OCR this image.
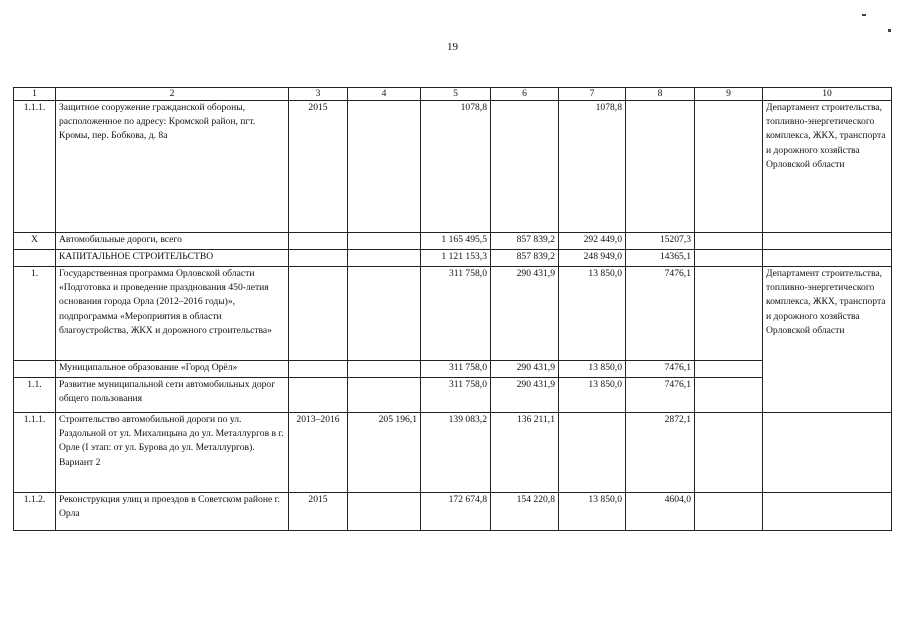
19
1	2	3	4	5	6	7	8	9	10
1.1.1.	Защитное сооружение гражданской обороны, расположенное по адресу: Кромской район, пгт. Кромы, пер. Бобкова, д. 8а	2015		1078,8		1078,8			Департамент строительства, топливно-энергетического комплекса, ЖКХ, транспорта и дорожного хозяйства Орловской области
X	Автомобильные дороги, всего			1 165 495,5	857 839,2	292 449,0	15207,3		
	КАПИТАЛЬНОЕ СТРОИТЕЛЬСТВО			1 121 153,3	857 839,2	248 949,0	14365,1		
1.	Государственная программа Орловской области «Подготовка и проведение празднования 450-летия основания города Орла (2012–2016 годы)», подпрограмма «Мероприятия в области благоустройства, ЖКХ и дорожного строительства»			311 758,0	290 431,9	13 850,0	7476,1		Департамент строительства, топливно-энергетического комплекса, ЖКХ, транспорта и дорожного хозяйства Орловской области
	Муниципальное образование «Город Орёл»			311 758,0	290 431,9	13 850,0	7476,1		
1.1.	Развитие муниципальной сети автомобильных дорог общего пользования			311 758,0	290 431,9	13 850,0	7476,1		
1.1.1.	Строительство автомобильной дороги по ул. Раздольной от ул. Михалицына до ул. Металлургов в г. Орле (I этап: от ул. Бурова до ул. Металлургов). Вариант 2	2013–2016	205 196,1	139 083,2	136 211,1		2872,1		
1.1.2.	Реконструкция улиц и проездов в Советском районе г. Орла	2015		172 674,8	154 220,8	13 850,0	4604,0		
